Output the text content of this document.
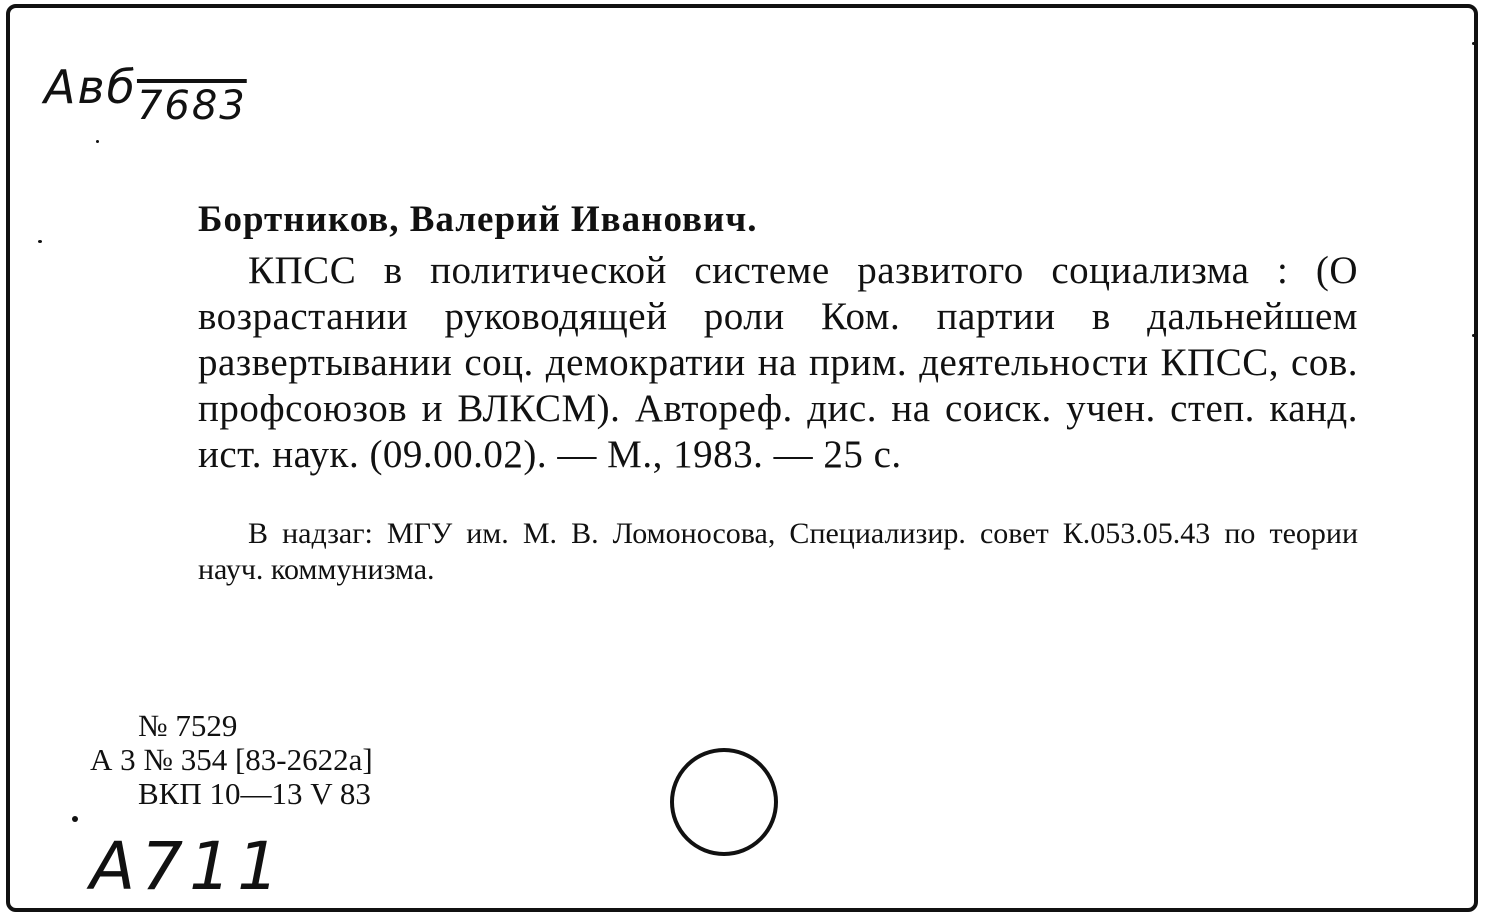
Aвб7683
Бортников, Валерий Иванович.
КПСС в политической системе развитого социализма : (О возрастании руководящей роли Ком. партии в дальнейшем развертывании соц. демократии на прим. деятельности КПСС, сов. профсоюзов и ВЛКСМ). Автореф. дис. на соиск. учен. степ. канд. ист. наук. (09.00.02). — М., 1983. — 25 с.
В надзаг: МГУ им. М. В. Ломоносова, Специализир. совет К.053.05.43 по теории науч. коммунизма.
№ 7529
А 3 № 354 [83-2622а]
ВКП 10—13 V 83
А711
